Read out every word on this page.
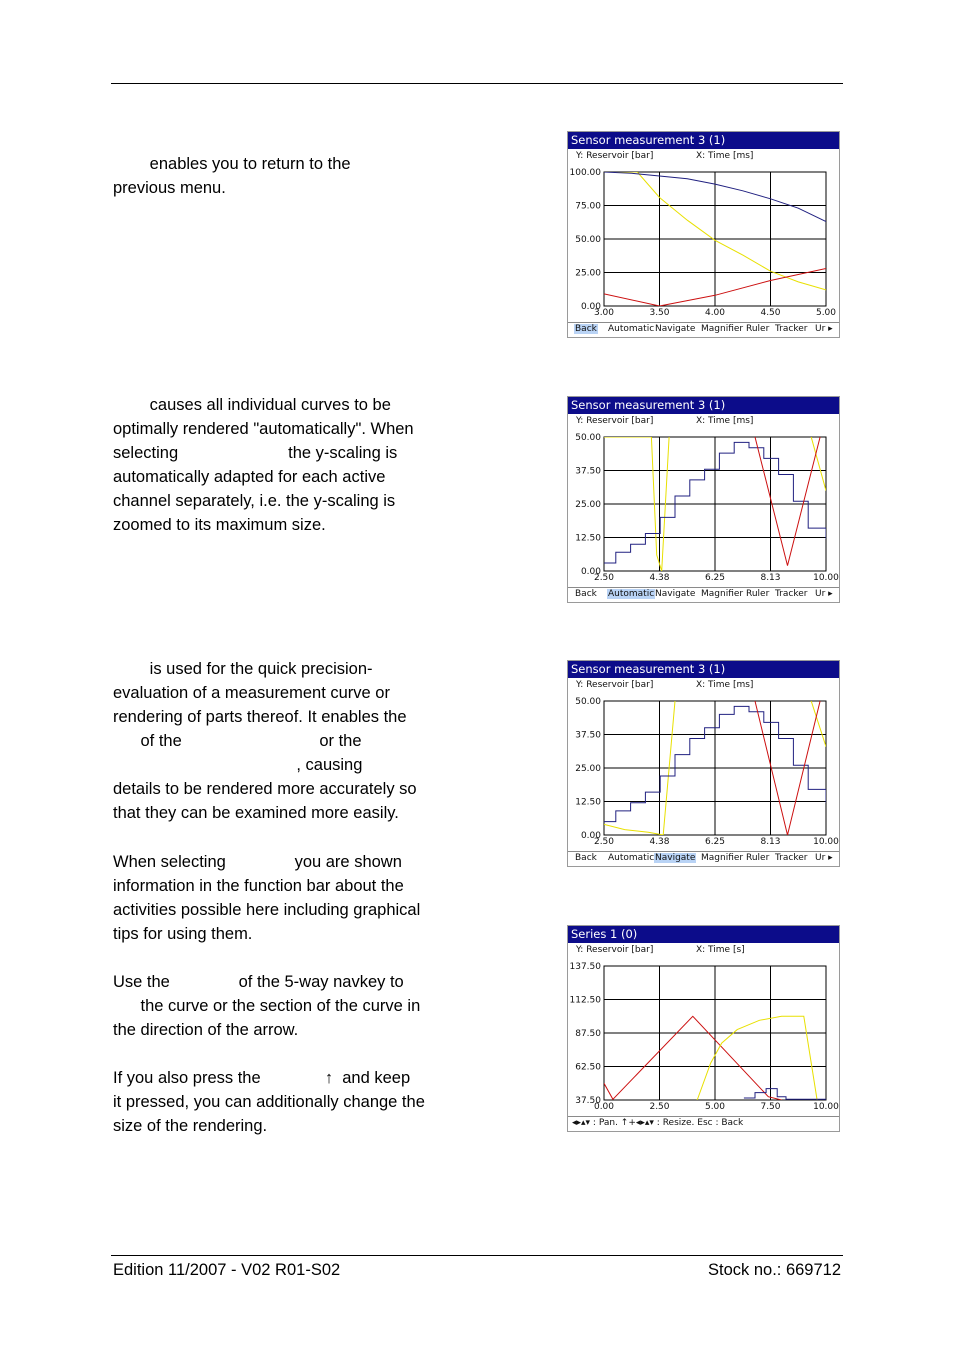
enables you to return to the
previous menu.
causes all individual curves to be
optimally rendered "automatically". When
selecting                        the y-scaling is
automatically adapted for each active
channel separately, i.e. the y-scaling is
zoomed to its maximum size.
is used for the quick precision-
evaluation of a measurement curve or
rendering of parts thereof. It enables the
of the                              or the
, causing
details to be rendered more accurately so
that they can be examined more easily.
When selecting               you are shown
information in the function bar about the
activities possible here including graphical
tips for using them.
Use the               of the 5-way navkey to
the curve or the section of the curve in
the direction of the arrow.
If you also press the              ↑  and keep
it pressed, you can additionally change the
size of the rendering.
Sensor measurement 3 (1)
Y: Reservoir [bar]	X: Time [ms]
100.00
75.00
50.00
25.00
0.00
3.00	3.50	4.00	4.50	5.00
Back Automatic Navigate Magnifier Ruler Tracker Ur ▸
Sensor measurement 3 (1)
Y: Reservoir [bar]	X: Time [ms]
50.00
37.50
25.00
12.50
0.00
2.50	4.38	6.25	8.13	10.00
Back Automatic Navigate Magnifier Ruler Tracker Ur ▸
Sensor measurement 3 (1)
Y: Reservoir [bar]	X: Time [ms]
50.00
37.50
25.00
12.50
0.00
2.50	4.38	6.25	8.13	10.00
Back Automatic Navigate Magnifier Ruler Tracker Ur ▸
Series 1 (0)
Y: Reservoir [bar]	X: Time [s]
137.50
112.50
87.50
62.50
37.50
0.00	2.50	5.00	7.50	10.00
◂▸▴▾ : Pan. ↑+◂▸▴▾ : Resize. Esc : Back
Edition 11/2007 - V02 R01-S02	Stock no.: 669712
